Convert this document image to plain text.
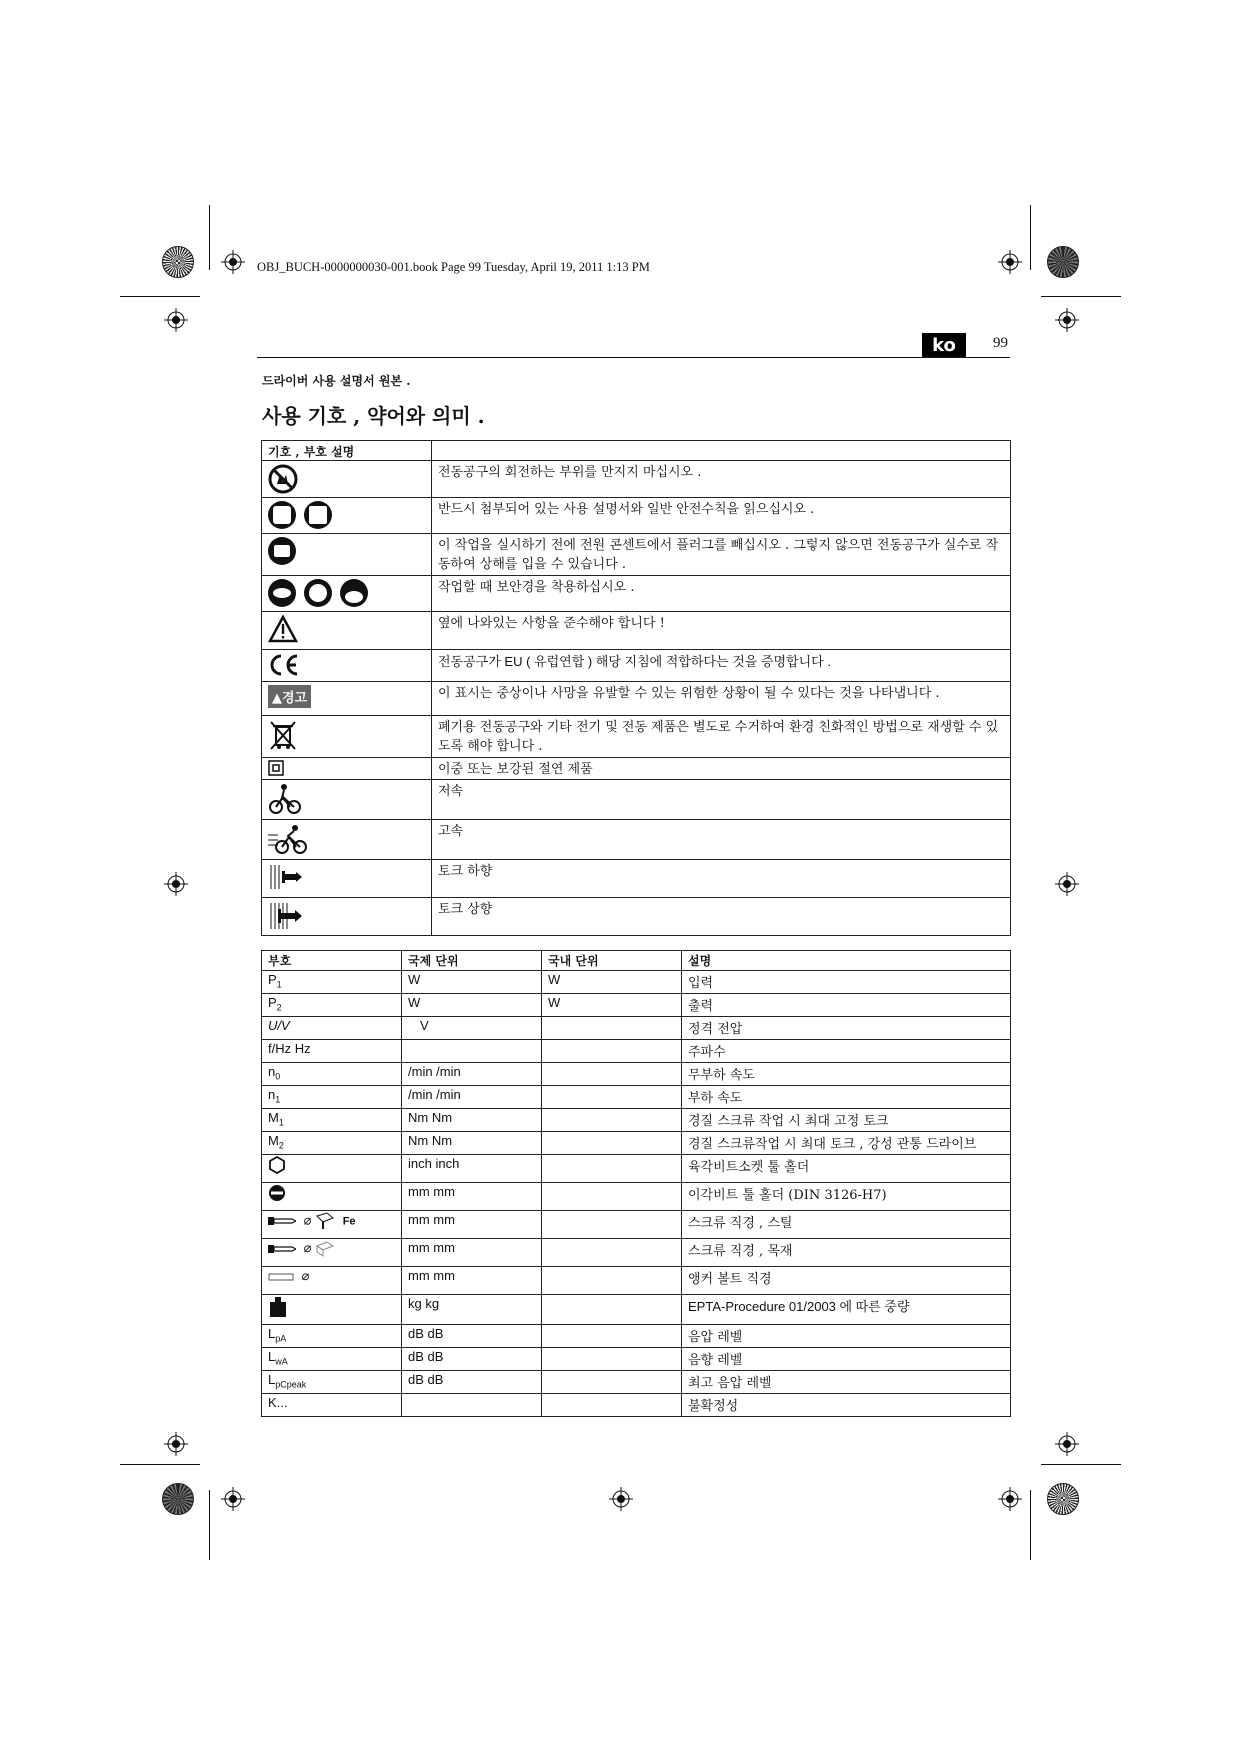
OBJ_BUCH-0000000030-001.book Page 99 Tuesday, April 19, 2011 1:13 PM
ko	99
드라이버 사용 설명서 원본 .
사용 기호 , 약어와 의미 .
기호 , 부호 설명	
	전동공구의 회전하는 부위를 만지지 마십시오 .

	반드시 첨부되어 있는 사용 설명서와 일반 안전수칙을 읽으십시오 .

	이 작업을 실시하기 전에 전원 콘센트에서 플러그를 빼십시오 . 그렇지 않으면 전동공구가 실수로 작동하여 상해를 입을 수 있습니다 .

	작업할 때 보안경을 착용하십시오 .
	옆에 나와있는 사항을 준수해야 합니다 !
	전동공구가 EU ( 유럽연합 ) 해당 지침에 적합하다는 것을 증명합니다 .
▲경고	이 표시는 중상이나 사망을 유발할 수 있는 위험한 상황이 될 수 있다는 것을 나타냅니다 .
	폐기용 전동공구와 기타 전기 및 전동 제품은 별도로 수거하여 환경 친화적인 방법으로 재생할 수 있도록 해야 합니다 .
	이중 또는 보강된 절연 제품
	저속
	고속
	토크 하향
	토크 상향
부호	국제 단위	국내 단위	설명
$P_1$	W	W	입력
$P_2$	W	W	출력
U/V	V		정격 전압
f/Hz Hz			주파수
$n_0$	/min /min		무부하 속도
$n_1$	/min /min		부하 속도
$M_1$	Nm Nm		경질 스크류 작업 시 최대 고정 토크
$M_2$	Nm Nm		경질 스크류작업 시 최대 토크 , 강성 관통 드라이브
	inch inch		육각비트소켓 툴 홀더
	mm mm		이각비트 툴 홀더 (DIN 3126-H7)
⌀ Fe	mm mm		스크류 직경 , 스틸
⌀	mm mm		스크류 직경 , 목재
⌀	mm mm		앵커 볼트 직경
	kg kg		EPTA-Procedure 01/2003 에 따른 중량
$L_{pA}$	dB dB		음압 레벨
$L_{wA}$	dB dB		음향 레벨
$L_{pCpeak}$	dB dB		최고 음압 레벨
K...			불확정성
